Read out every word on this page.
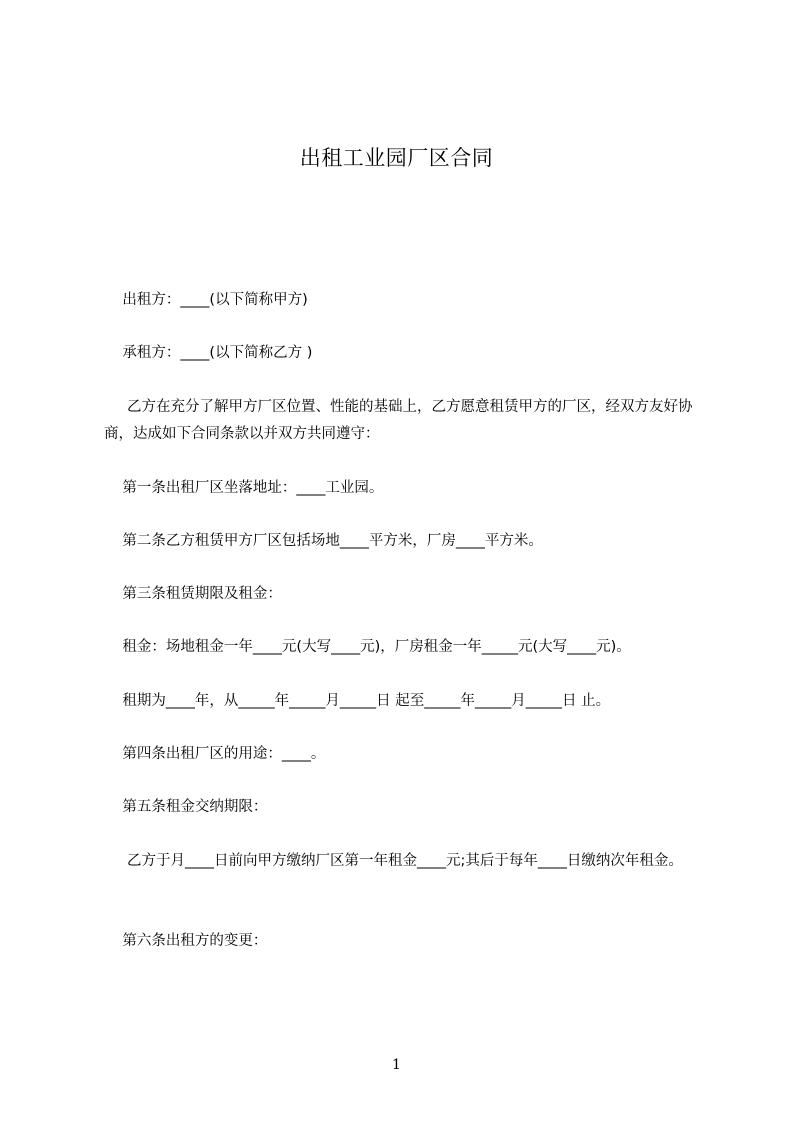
出租工业园厂区合同
出租方：____(以下简称甲方)
承租方：____(以下简称乙方 )
乙方在充分了解甲方厂区位置、性能的基础上，乙方愿意租赁甲方的厂区，经双方友好协商，达成如下合同条款以并双方共同遵守：
第一条出租厂区坐落地址：____工业园。
第二条乙方租赁甲方厂区包括场地____平方米，厂房____平方米。
第三条租赁期限及租金：
租金：场地租金一年____元(大写____元)，厂房租金一年_____元(大写____元)。
租期为____年，从_____年_____月_____日 起至_____年_____月_____日 止。
第四条出租厂区的用途：____。
第五条租金交纳期限：
乙方于月____日前向甲方缴纳厂区第一年租金____元;其后于每年____日缴纳次年租金。
第六条出租方的变更：
1
